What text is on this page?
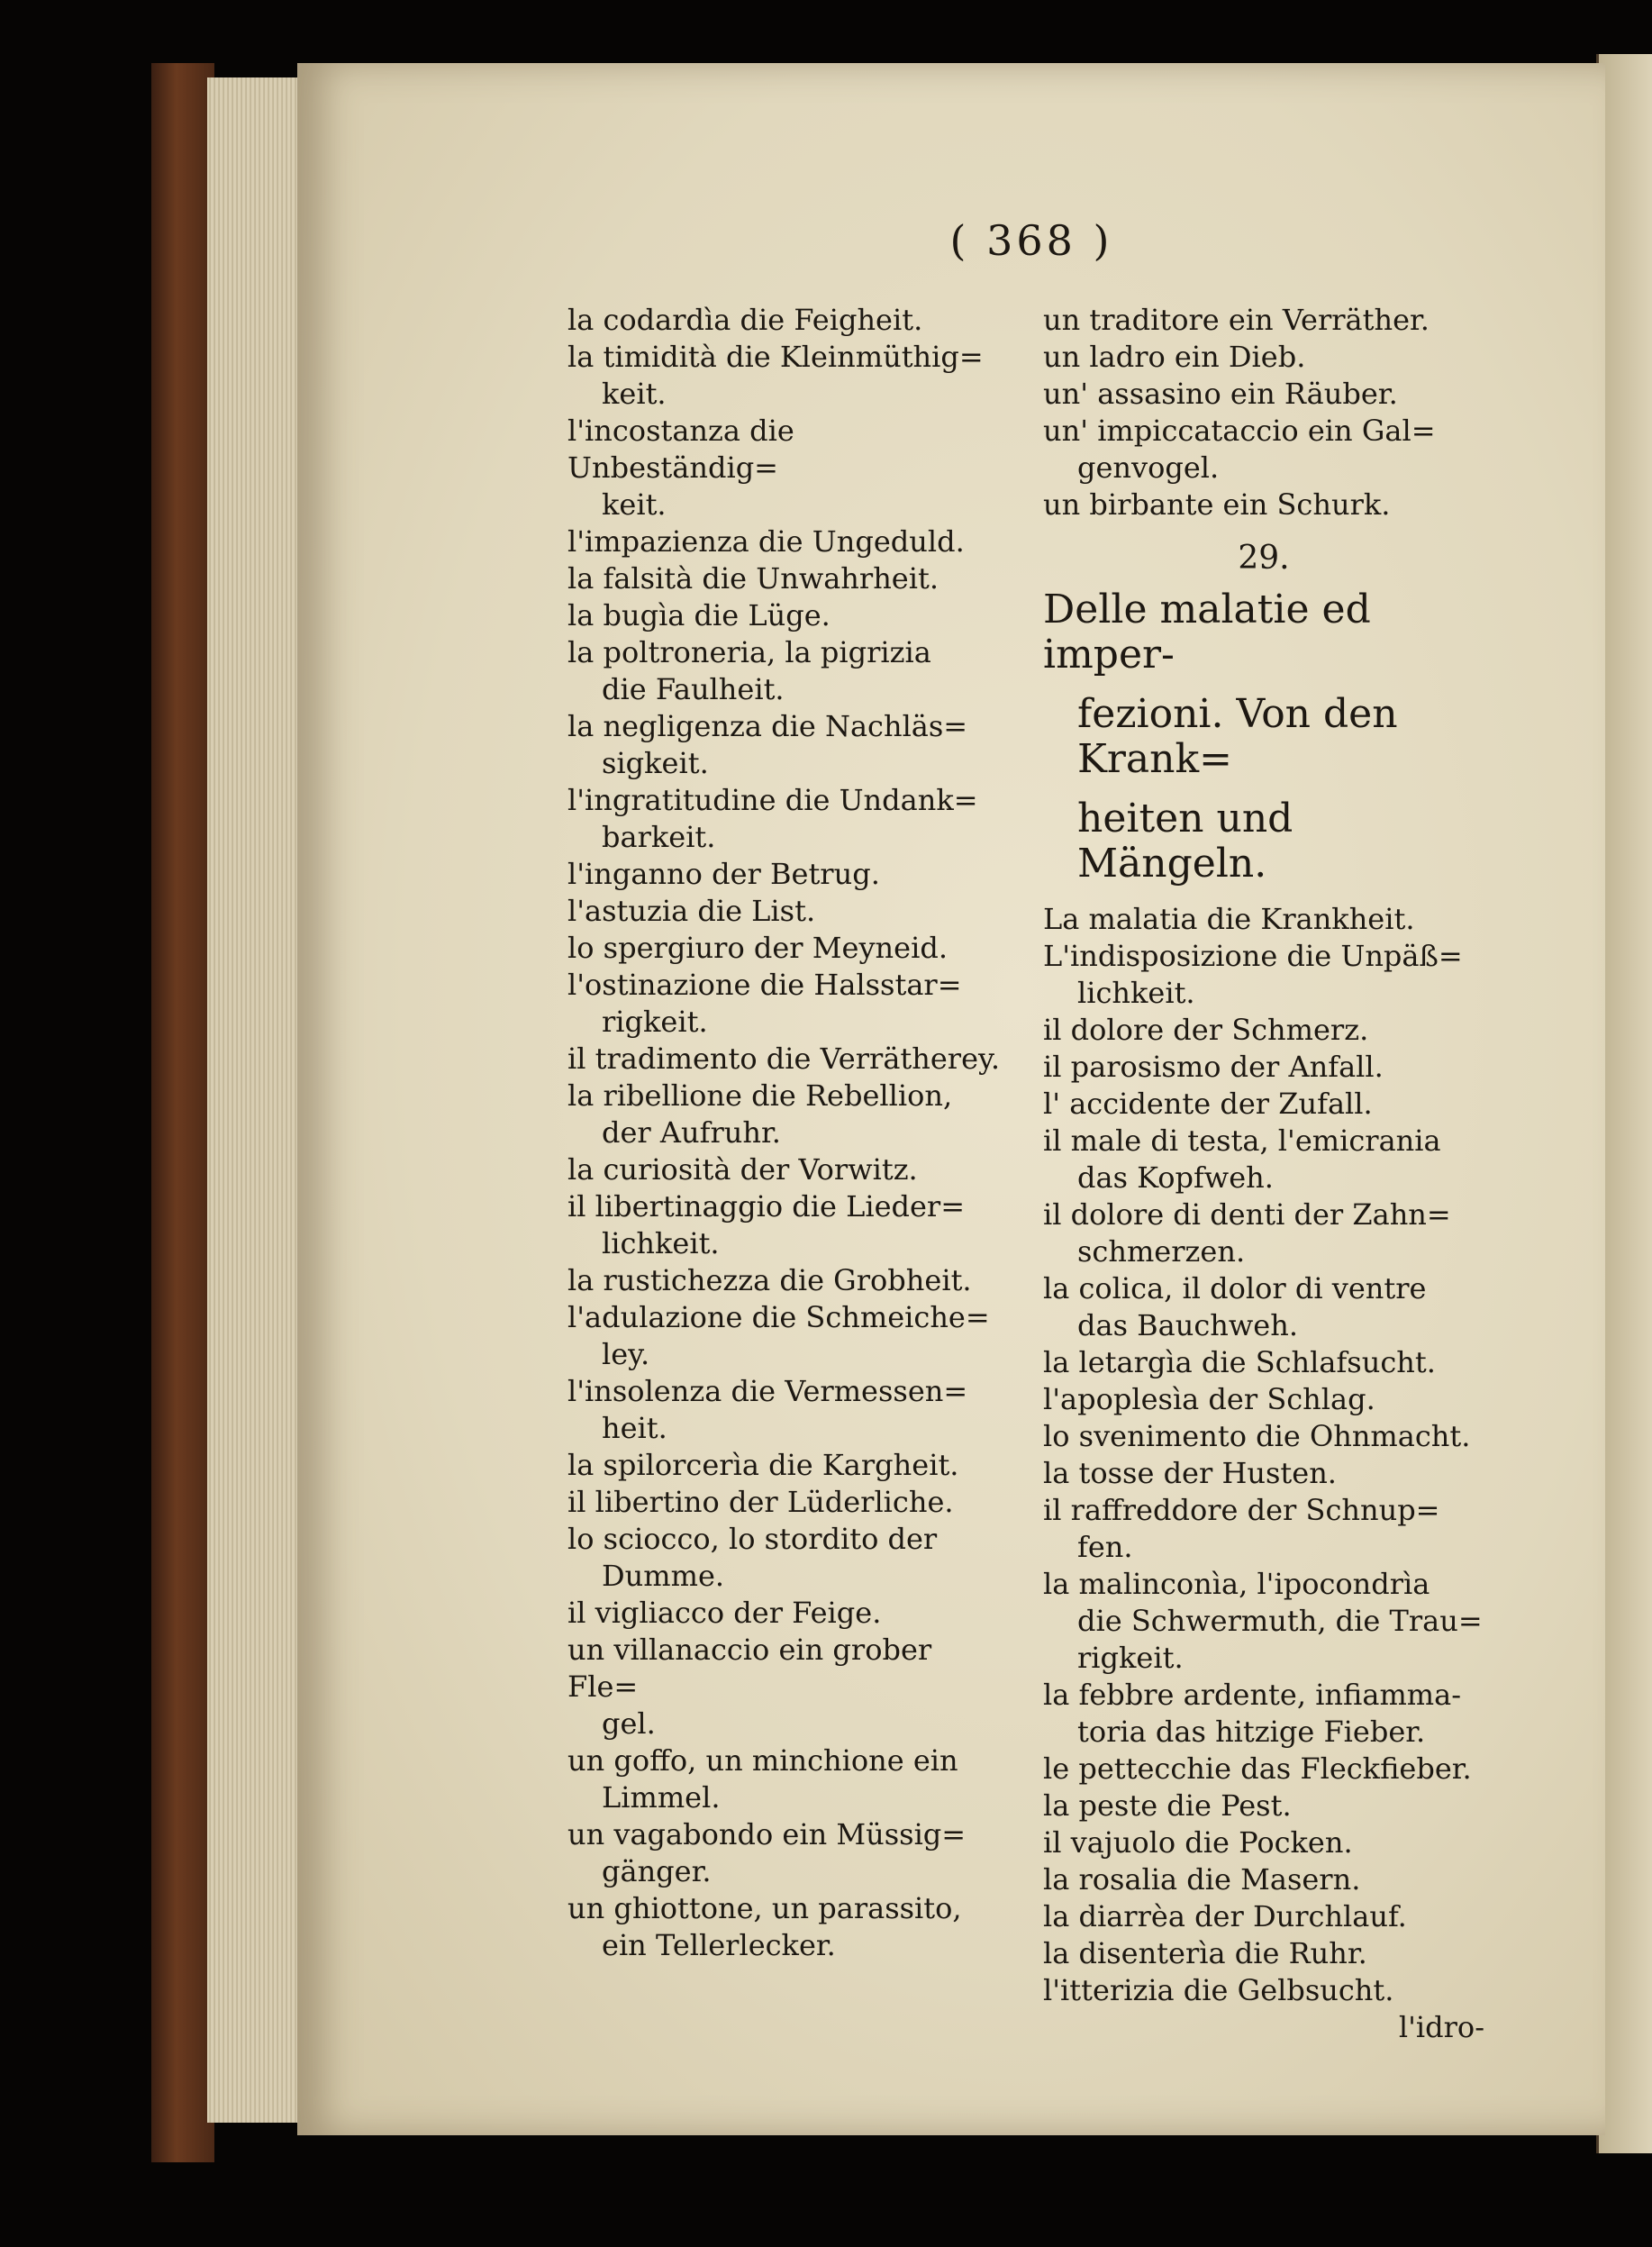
( 368 )
la codardìa die Feigheit.
la timidità die Kleinmüthig=
keit.
l'incostanza die Unbeständig=
keit.
l'impazienza die Ungeduld.
la falsità die Unwahrheit.
la bugìa die Lüge.
la poltroneria, la pigrizia
die Faulheit.
la negligenza die Nachläs=
sigkeit.
l'ingratitudine die Undank=
barkeit.
l'inganno der Betrug.
l'astuzia die List.
lo spergiuro der Meyneid.
l'ostinazione die Halsstar=
rigkeit.
il tradimento die Verrätherey.
la ribellione die Rebellion,
der Aufruhr.
la curiosità der Vorwitz.
il libertinaggio die Lieder=
lichkeit.
la rustichezza die Grobheit.
l'adulazione die Schmeiche=
ley.
l'insolenza die Vermessen=
heit.
la spilorcerìa die Kargheit.
il libertino der Lüderliche.
lo sciocco, lo stordito der
Dumme.
il vigliacco der Feige.
un villanaccio ein grober Fle=
gel.
un goffo, un minchione ein
Limmel.
un vagabondo ein Müssig=
gänger.
un ghiottone, un parassito,
ein Tellerlecker.
un traditore ein Verräther.
un ladro ein Dieb.
un' assasino ein Räuber.
un' impiccataccio ein Gal=
genvogel.
un birbante ein Schurk.
29.
Delle malatie ed imper-
fezioni. Von den Krank=
heiten und Mängeln.
La malatia die Krankheit.
L'indisposizione die Unpäß=
lichkeit.
il dolore der Schmerz.
il parosismo der Anfall.
l' accidente der Zufall.
il male di testa, l'emicrania
das Kopfweh.
il dolore di denti der Zahn=
schmerzen.
la colica, il dolor di ventre
das Bauchweh.
la letargìa die Schlafsucht.
l'apoplesìa der Schlag.
lo svenimento die Ohnmacht.
la tosse der Husten.
il raffreddore der Schnup=
fen.
la malinconìa, l'ipocondrìa
die Schwermuth, die Trau=
rigkeit.
la febbre ardente, infiamma-
toria das hitzige Fieber.
le pettecchie das Fleckfieber.
la peste die Pest.
il vajuolo die Pocken.
la rosalia die Masern.
la diarrèa der Durchlauf.
la disenterìa die Ruhr.
l'itterizia die Gelbsucht.
l'idro-
